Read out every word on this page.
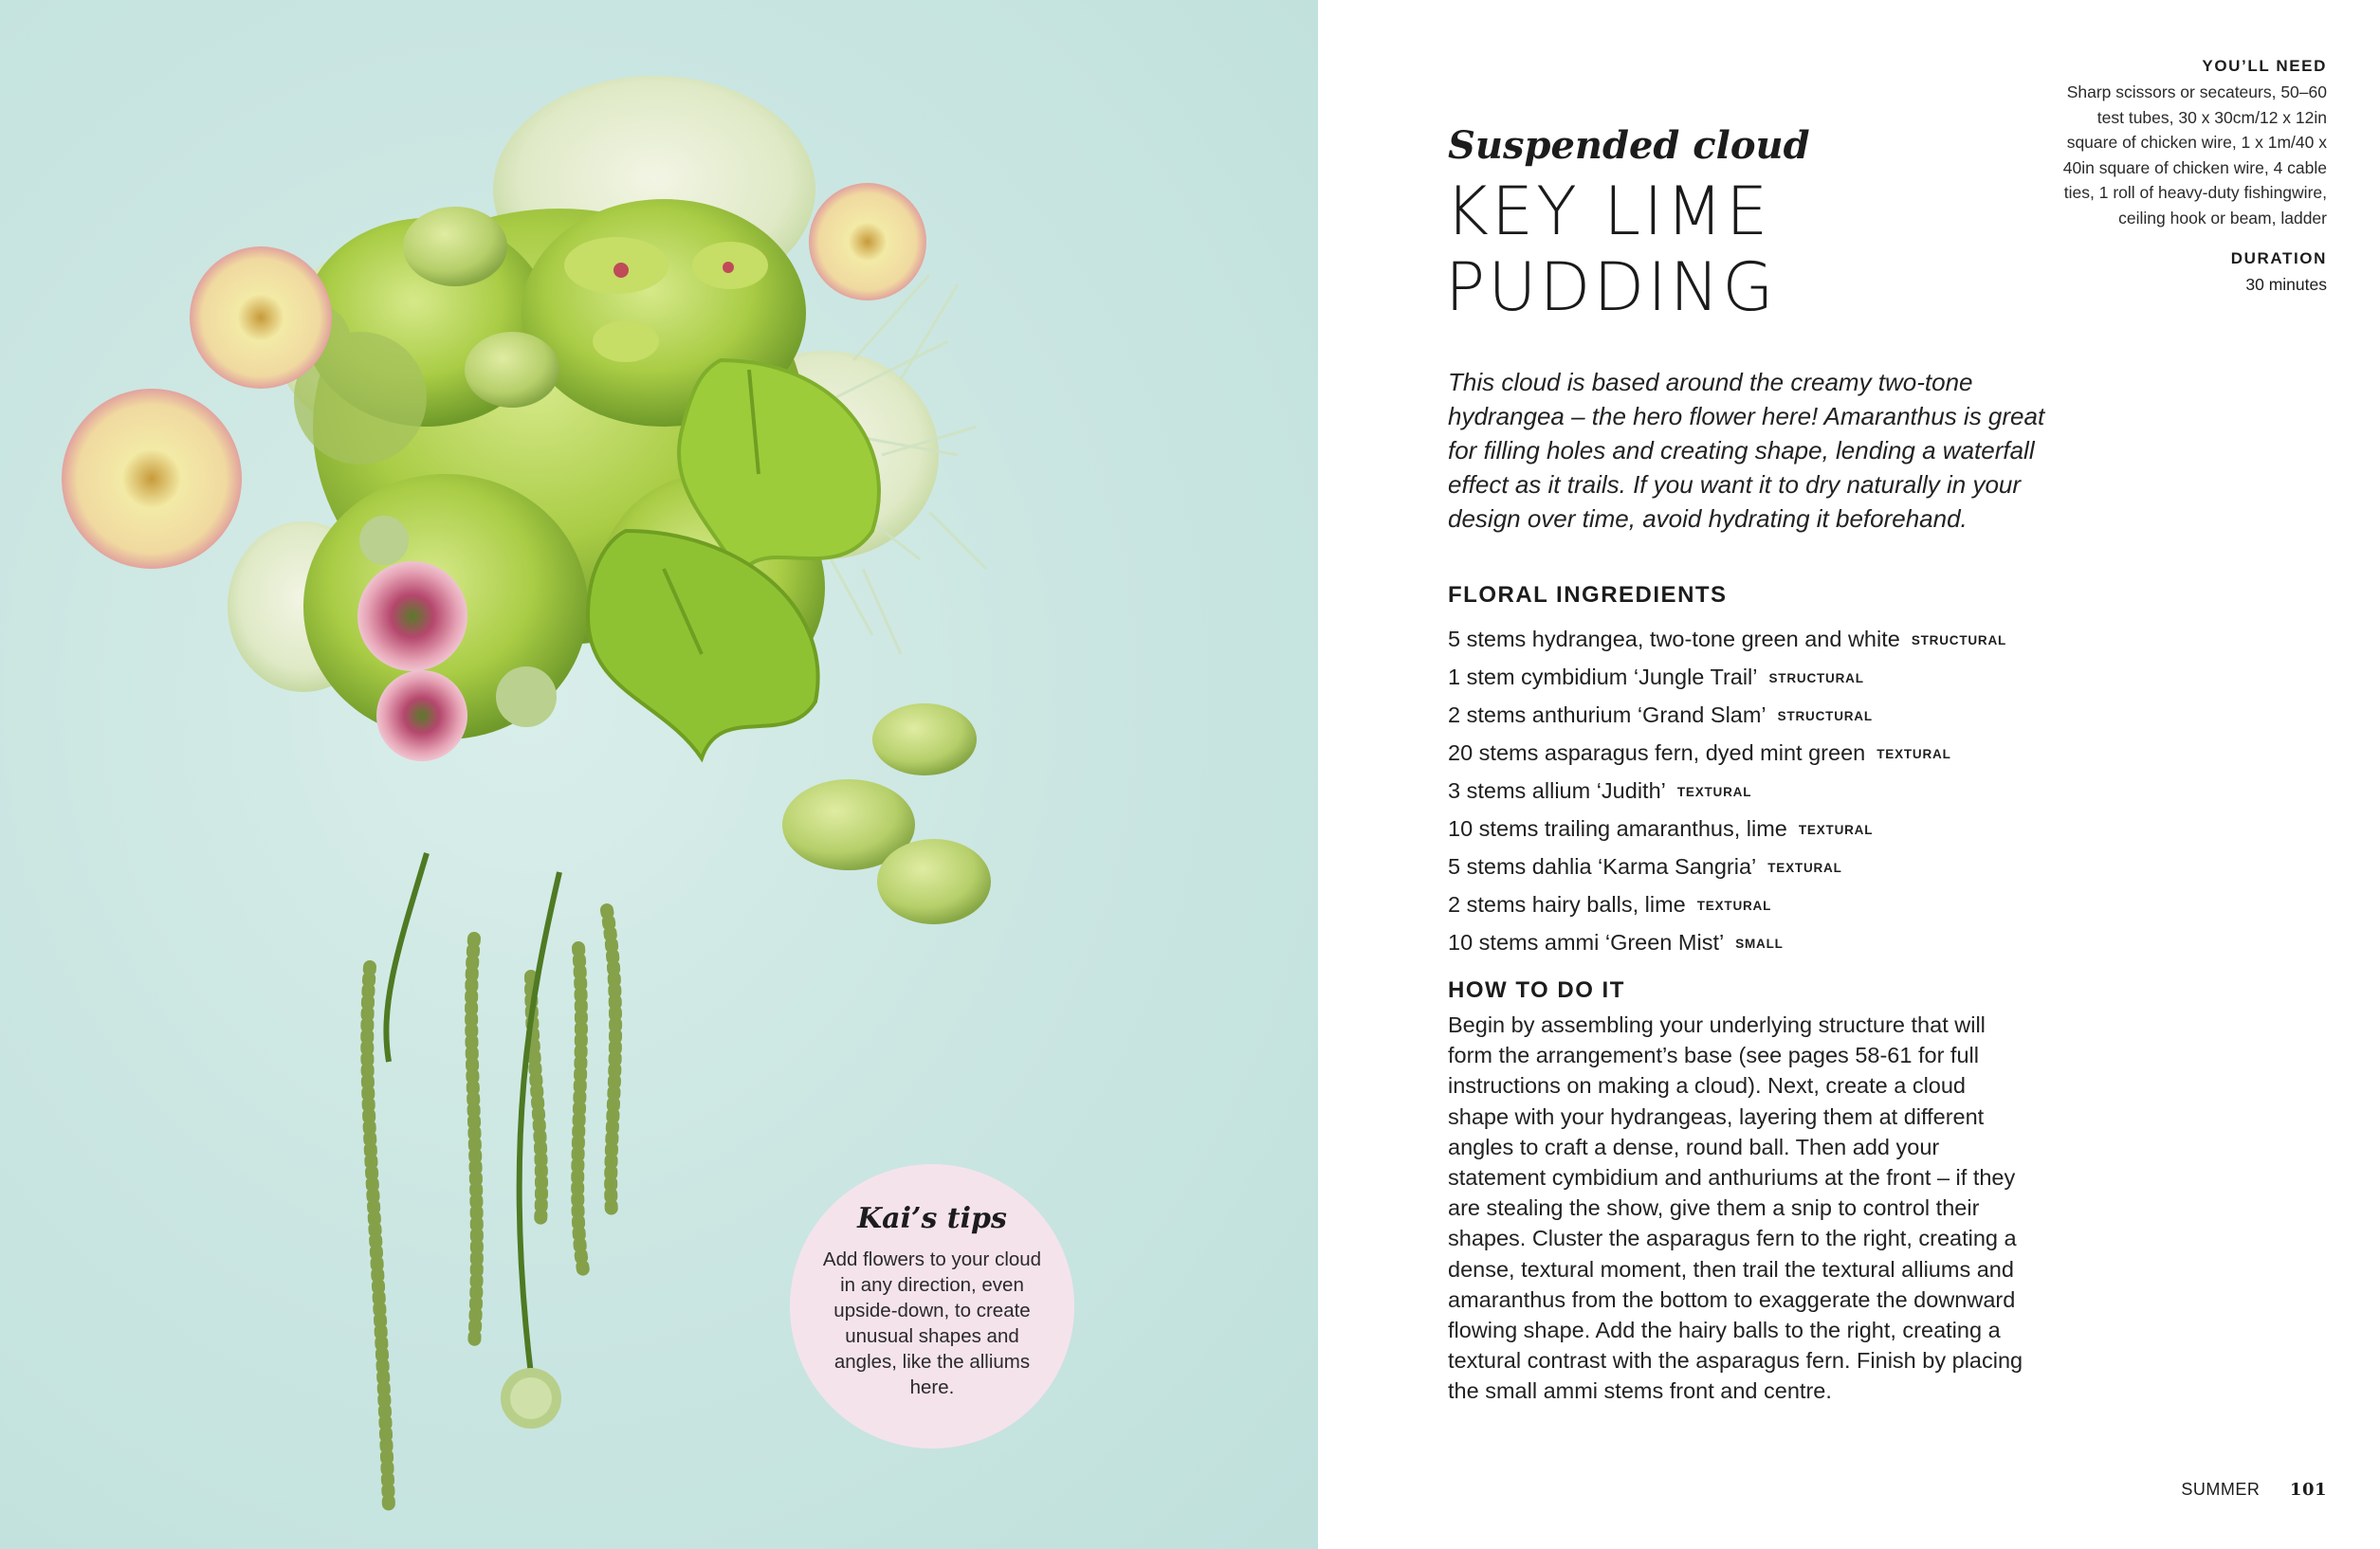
Kai’s tips

Add flowers to your cloud in any direction, even upside-down, to create unusual shapes and angles, like the alliums here.

YOU’LL NEED

Sharp scissors or secateurs, 50–60 test tubes, 30 x 30cm/12 x 12in square of chicken wire, 1 x 1m/40 x 40in square of chicken wire, 4 cable ties, 1 roll of heavy-duty fishingwire, ceiling hook or beam, ladder

DURATION

30 minutes

Suspended cloud

KEY LIME
PUDDING

This cloud is based around the creamy two-tone hydrangea – the hero flower here! Amaranthus is great for filling holes and creating shape, lending a waterfall effect as it trails. If you want it to dry naturally in your design over time, avoid hydrating it beforehand.

FLORAL INGREDIENTS

5 stems hydrangea, two-tone green and white STRUCTURAL
1 stem cymbidium ‘Jungle Trail’ STRUCTURAL
2 stems anthurium ‘Grand Slam’ STRUCTURAL
20 stems asparagus fern, dyed mint green TEXTURAL
3 stems allium ‘Judith’ TEXTURAL
10 stems trailing amaranthus, lime TEXTURAL
5 stems dahlia ‘Karma Sangria’ TEXTURAL
2 stems hairy balls, lime TEXTURAL
10 stems ammi ‘Green Mist’ SMALL

HOW TO DO IT

Begin by assembling your underlying structure that will form the arrangement’s base (see pages 58-61 for full instructions on making a cloud). Next, create a cloud shape with your hydrangeas, layering them at different angles to craft a dense, round ball. Then add your statement cymbidium and anthuriums at the front – if they are stealing the show, give them a snip to control their shapes. Cluster the asparagus fern to the right, creating a dense, textural moment, then trail the textural alliums and amaranthus from the bottom to exaggerate the downward flowing shape. Add the hairy balls to the right, creating a textural contrast with the asparagus fern. Finish by placing the small ammi stems front and centre.

SUMMER 101
